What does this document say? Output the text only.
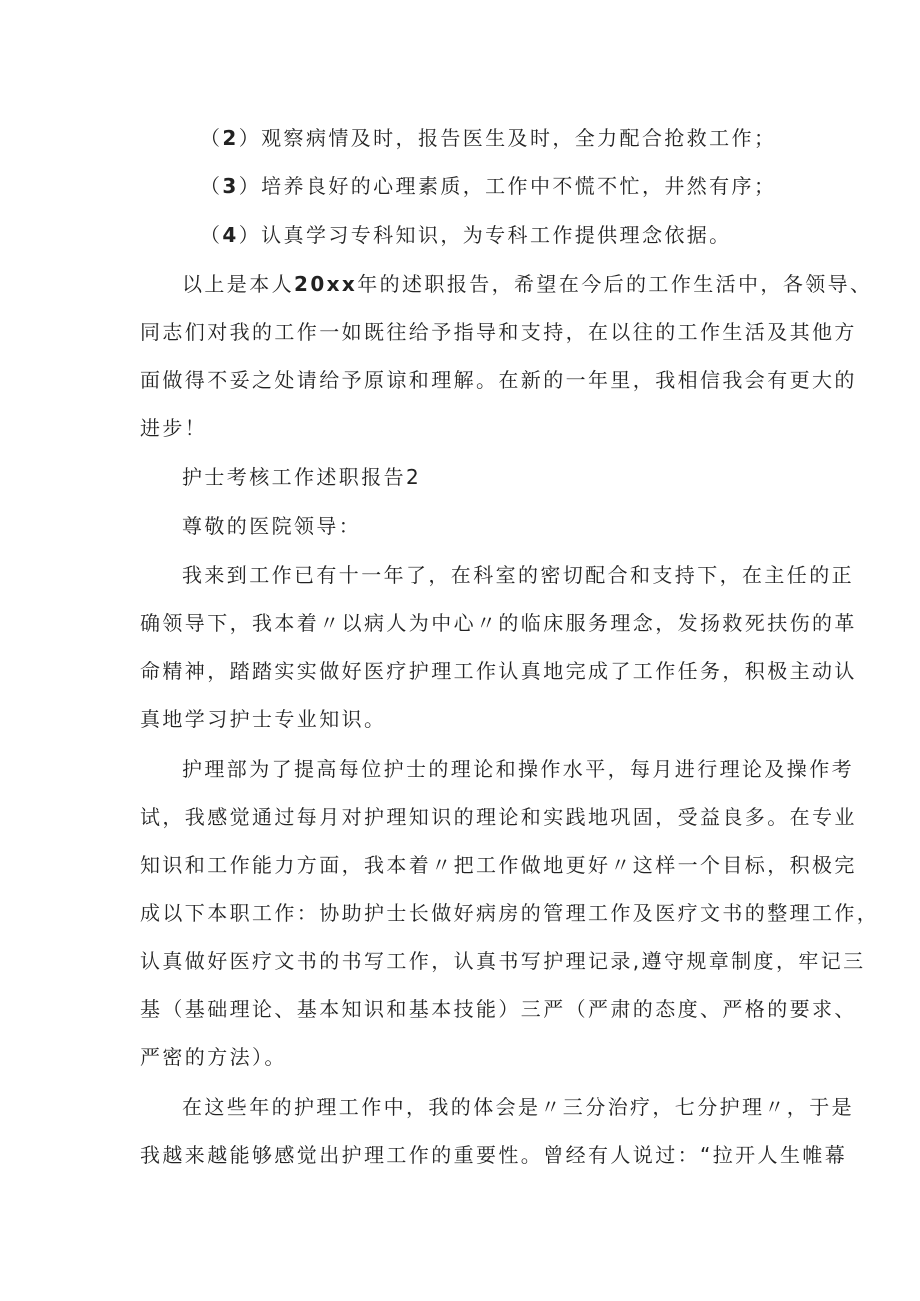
（2）观察病情及时，报告医生及时，全力配合抢救工作；
（3）培养良好的心理素质，工作中不慌不忙，井然有序；
（4）认真学习专科知识，为专科工作提供理念依据。
以上是本人20xx年的述职报告，希望在今后的工作生活中，各领导、
同志们对我的工作一如既往给予指导和支持，在以往的工作生活及其他方
面做得不妥之处请给予原谅和理解。在新的一年里，我相信我会有更大的
进步！
护士考核工作述职报告2
尊敬的医院领导：
我来到工作已有十一年了，在科室的密切配合和支持下，在主任的正
确领导下，我本着〃以病人为中心〃的临床服务理念，发扬救死扶伤的革
命精神，踏踏实实做好医疗护理工作认真地完成了工作任务，积极主动认
真地学习护士专业知识。
护理部为了提高每位护士的理论和操作水平，每月进行理论及操作考
试，我感觉通过每月对护理知识的理论和实践地巩固，受益良多。在专业
知识和工作能力方面，我本着〃把工作做地更好〃这样一个目标，积极完
成以下本职工作：协助护士长做好病房的管理工作及医疗文书的整理工作，
认真做好医疗文书的书写工作，认真书写护理记录,遵守规章制度，牢记三
基（基础理论、基本知识和基本技能）三严（严肃的态度、严格的要求、
严密的方法）。
在这些年的护理工作中，我的体会是〃三分治疗，七分护理〃，于是
我越来越能够感觉出护理工作的重要性。曾经有人说过：“拉开人生帷幕
